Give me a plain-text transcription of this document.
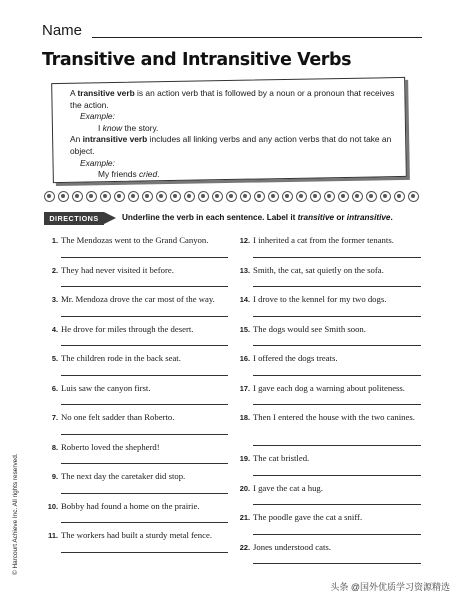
Name
Transitive and Intransitive Verbs

A transitive verb is an action verb that is followed by a noun or a pronoun that receives the action.

Example:

I know the story.

An intransitive verb includes all linking verbs and any action verbs that do not take an object.

Example:

My friends cried.

DIRECTIONS	Underline the verb in each sentence. Label it transitive or intransitive.
1. The Mendozas went to the Grand Canyon.
2. They had never visited it before.
3. Mr. Mendoza drove the car most of the way.
4. He drove for miles through the desert.
5. The children rode in the back seat.
6. Luis saw the canyon first.
7. No one felt sadder than Roberto.
8. Roberto loved the shepherd!
9. The next day the caretaker did stop.
10. Bobby had found a home on the prairie.
11. The workers had built a sturdy metal fence.
12. I inherited a cat from the former tenants.
13. Smith, the cat, sat quietly on the sofa.
14. I drove to the kennel for my two dogs.
15. The dogs would see Smith soon.
16. I offered the dogs treats.
17. I gave each dog a warning about politeness.
18. Then I entered the house with the two canines.
19. The cat bristled.
20. I gave the cat a hug.
21. The poodle gave the cat a sniff.
22. Jones understood cats.
© Harcourt Achieve Inc. All rights reserved.
头条 @国外优质学习资源精选
